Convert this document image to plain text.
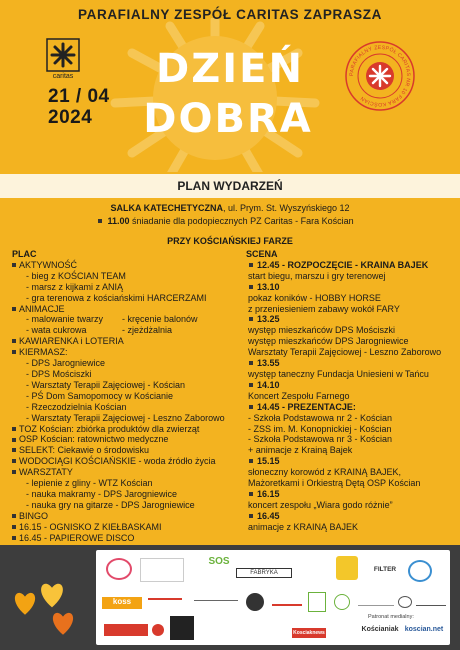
PARAFIALNY ZESPÓŁ CARITAS ZAPRASZA
caritas
21 / 04
2024
DZIEŃ
DOBRA
PARAFIALNY ZESPÓŁ CARITAS NR 10 FARA KOŚCIAN
PLAN WYDARZEŃ
SALKA KATECHETYCZNA, ul. Prym. St. Wyszyńskiego 12
11.00 śniadanie dla podopiecznych PZ Caritas - Fara Kościan
PRZY KOŚCIAŃSKIEJ FARZE
PLAC
AKTYWNOŚĆ
- bieg z KOŚCIAN TEAM
- marsz z kijkami z ANIĄ
- gra terenowa z kościańskimi HARCERZAMI
ANIMACJE
- malowanie twarzy	- kręcenie balonów
- wata cukrowa	- zjeżdżalnia
KAWIARENKA i LOTERIA
KIERMASZ:
- DPS Jarogniewice
- DPS Mościszki
- Warsztaty Terapii Zajęciowej - Kościan
- PŚ Dom Samopomocy w Kościanie
- Rzeczodzielnia Kościan
- Warsztaty Terapii Zajęciowej - Leszno Zaborowo
TOZ Kościan: zbiórka produktów dla zwierząt
OSP Kościan: ratownictwo medyczne
SELEKT: Ciekawie o środowisku
WODOCIĄGI KOŚCIAŃSKIE - woda źródło życia
WARSZTATY
- lepienie z gliny - WTZ Kościan
- nauka makramy - DPS Jarogniewice
- nauka gry na gitarze - DPS Jarogniewice
BINGO
16.15 - OGNISKO Z KIEŁBASKAMI
16.45 - PAPIEROWE DISCO
SCENA
12.45 - ROZPOCZĘCIE - KRAINA BAJEK
start biegu, marszu i gry terenowej
13.10
pokaz koników - HOBBY HORSE
z przeniesieniem zabawy wokół FARY
13.25
występ mieszkańców DPS Mościszki
występ mieszkańców DPS Jarogniewice
Warsztaty Terapii Zajęciowej - Leszno Zaborowo
13.55
występ taneczny Fundacja Uniesieni w Tańcu
14.10
Koncert Zespołu Farnego
14.45 - PREZENTACJE:
- Szkoła Podstawowa nr 2 - Kościan
- ZSS im. M. Konopnickiej - Kościan
- Szkoła Podstawowa nr 3 - Kościan
+ animacje z Krainą Bajek
15.15
słoneczny korowód z KRAINĄ BAJEK,
Mażoretkami i Orkiestrą Dętą OSP Kościan
16.15
koncert zespołu „Wiara godo różnie”
16.45
animacje z KRAINĄ BAJEK
SOS
FABRYKA	FILTER
koss
Kosciaknews
Patronat medialny:
Kościaniak koscian.net
